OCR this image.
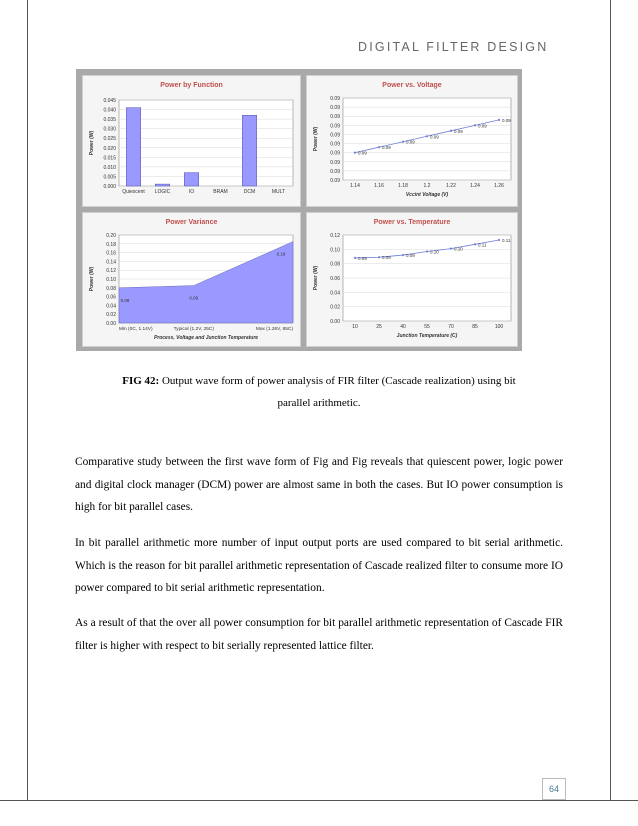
DIGITAL FILTER DESIGN
Power by Function
0.045
0.040
0.035
0.030
0.025
0.020
0.015
0.010
0.005
0.000
Power (W)
Quiescent LOGIC	IO	BRAM	DCM	MULT
Power vs. Voltage
0.09
0.09
0.09
0.09
0.09
0.09
0.09
0.09
0.09
0.09
Power (W)
Vccint Voltage (V)
0.09
1.14
0.09
1.16
0.09
1.18
0.09
1.2
0.09
1.22
0.09
1.24
0.09
1.26
Power Variance
0.20
0.18
0.16
0.14
0.12
0.10
0.08
0.06
0.04
0.02
0.00
Power (W)
Process, Voltage and Junction Temperature
Min (0C, 1.14V)
0.08
Typical (1.2V, 25C)
0.09
Max (1.26V, 85C)
0.18
Power vs. Temperature
0.12
0.10
0.08
0.06
0.04
0.02
0.00
Power (W)
Junction Temperature (C)
0.09
10
0.09
25
0.09
40
0.10
55
0.10
70
0.11
85
0.11
100
FIG 42: Output wave form of power analysis of FIR filter (Cascade realization) using bit
parallel arithmetic.
Comparative study between the first wave form of Fig and Fig reveals that quiescent power, logic power and digital clock manager (DCM) power are almost same in both the cases. But IO power consumption is high for bit parallel cases.
In bit parallel arithmetic more number of input output ports are used compared to bit serial arithmetic. Which is the reason for bit parallel arithmetic representation of Cascade realized filter to consume more IO power compared to bit serial arithmetic representation.
As a result of that the over all power consumption for bit parallel arithmetic representation of Cascade FIR filter is higher with respect to bit serially represented lattice filter.
64
